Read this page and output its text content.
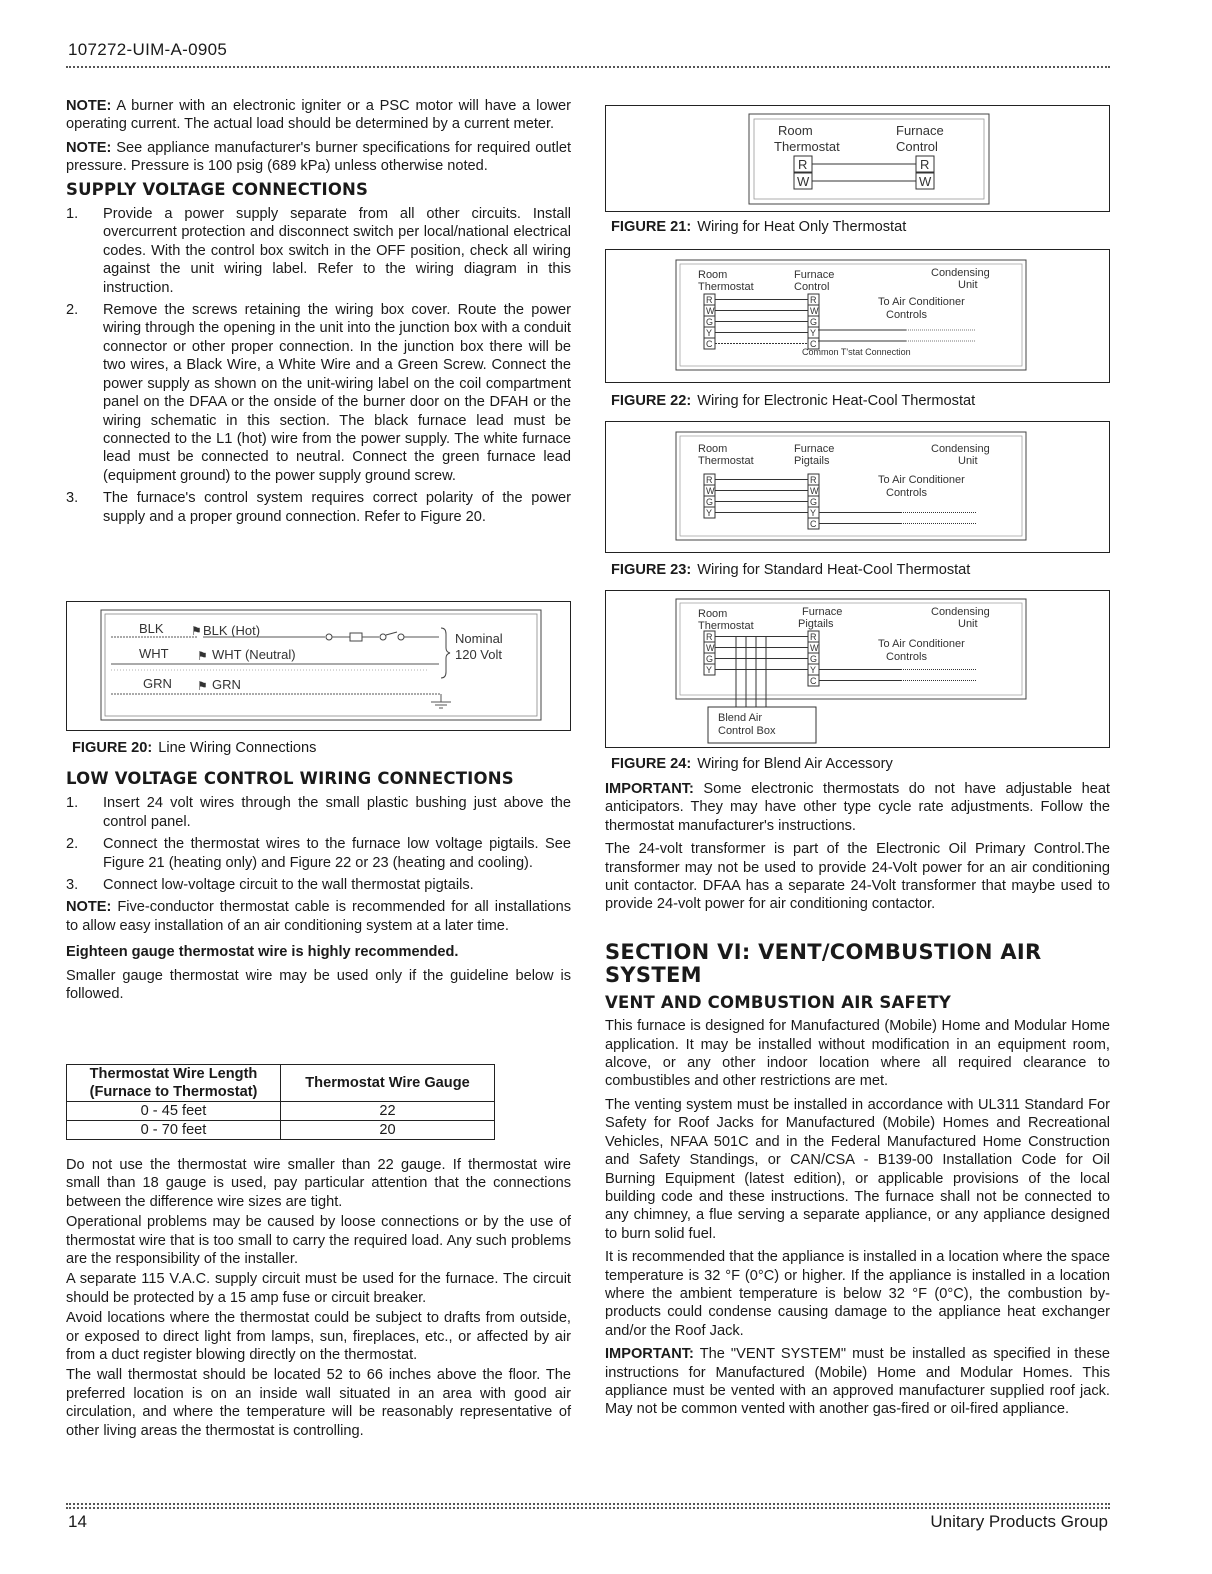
107272-UIM-A-0905

NOTE: A burner with an electronic igniter or a PSC motor will have a lower operating current. The actual load should be determined by a current meter.

NOTE: See appliance manufacturer's burner specifications for required outlet pressure. Pressure is 100 psig (689 kPa) unless otherwise noted.

SUPPLY VOLTAGE CONNECTIONS
1. Provide a power supply separate from all other circuits. Install overcurrent protection and disconnect switch per local/national electrical codes. With the control box switch in the OFF position, check all wiring against the unit wiring label. Refer to the wiring diagram in this instruction.
2. Remove the screws retaining the wiring box cover. Route the power wiring through the opening in the unit into the junction box with a conduit connector or other proper connection. In the junction box there will be two wires, a Black Wire, a White Wire and a Green Screw. Connect the power supply as shown on the unit-wiring label on the coil compartment panel on the DFAA or the onside of the burner door on the DFAH or the wiring schematic in this section. The black furnace lead must be connected to the L1 (hot) wire from the power supply. The white furnace lead must be connected to neutral. Connect the green furnace lead (equipment ground) to the power supply ground screw.
3. The furnace's control system requires correct polarity of the power supply and a proper ground connection. Refer to Figure 20.
BLK ⚑ BLK (Hot)
Nominal
120 Volt
WHT ⚑ WHT (Neutral)
GRN ⚑ GRN
FIGURE 20: Line Wiring Connections
LOW VOLTAGE CONTROL WIRING CONNECTIONS
1. Insert 24 volt wires through the small plastic bushing just above the control panel.
2. Connect the thermostat wires to the furnace low voltage pigtails. See Figure 21 (heating only) and Figure 22 or 23 (heating and cooling).
3. Connect low-voltage circuit to the wall thermostat pigtails.

NOTE: Five-conductor thermostat cable is recommended for all installations to allow easy installation of an air conditioning system at a later time.

Eighteen gauge thermostat wire is highly recommended.

Smaller gauge thermostat wire may be used only if the guideline below is followed.

Thermostat Wire Length
(Furnace to Thermostat)	Thermostat Wire Gauge
0 - 45 feet	22
0 - 70 feet	20

Do not use the thermostat wire smaller than 22 gauge. If thermostat wire small than 18 gauge is used, pay particular attention that the connections between the difference wire sizes are tight.

Operational problems may be caused by loose connections or by the use of thermostat wire that is too small to carry the required load. Any such problems are the responsibility of the installer.

A separate 115 V.A.C. supply circuit must be used for the furnace. The circuit should be protected by a 15 amp fuse or circuit breaker.

Avoid locations where the thermostat could be subject to drafts from outside, or exposed to direct light from lamps, sun, fireplaces, etc., or affected by air from a duct register blowing directly on the thermostat.

The wall thermostat should be located 52 to 66 inches above the floor. The preferred location is on an inside wall situated in an area with good air circulation, and where the temperature will be reasonably representative of other living areas the thermostat is controlling.

Room
Thermostat
Furnace
Control
R
W
R
W
FIGURE 21: Wiring for Heat Only Thermostat
Room
Thermostat
Furnace
Control
Condensing
Unit
To Air Conditioner
Controls
R	R
W	W
G	G
Y	Y
C	C
Common T'stat Connection
FIGURE 22: Wiring for Electronic Heat-Cool Thermostat
Room
Thermostat
Furnace
Pigtails
Condensing
Unit
To Air Conditioner
Controls
R
R
W
W
G
G
Y
Y
C
FIGURE 23: Wiring for Standard Heat-Cool Thermostat
Room
Thermostat
Furnace
Pigtails
Condensing
Unit
To Air Conditioner
Controls
R
R
W
W
G
G
Y
Y
C
Blend Air
Control Box
FIGURE 24: Wiring for Blend Air Accessory

IMPORTANT: Some electronic thermostats do not have adjustable heat anticipators. They may have other type cycle rate adjustments. Follow the thermostat manufacturer's instructions.

The 24-volt transformer is part of the Electronic Oil Primary Control.The transformer may not be used to provide 24-Volt power for an air conditioning unit contactor. DFAA has a separate 24-Volt transformer that maybe used to provide 24-volt power for air conditioning contactor.

SECTION VI: VENT/COMBUSTION AIR
SYSTEM
VENT AND COMBUSTION AIR SAFETY

This furnace is designed for Manufactured (Mobile) Home and Modular Home application. It may be installed without modification in an equipment room, alcove, or any other indoor location where all required clearance to combustibles and other restrictions are met.

The venting system must be installed in accordance with UL311 Standard For Safety for Roof Jacks for Manufactured (Mobile) Homes and Recreational Vehicles, NFAA 501C and in the Federal Manufactured Home Construction and Safety Standings, or CAN/CSA - B139-00 Installation Code for Oil Burning Equipment (latest edition), or applicable provisions of the local building code and these instructions. The furnace shall not be connected to any chimney, a flue serving a separate appliance, or any appliance designed to burn solid fuel.

It is recommended that the appliance is installed in a location where the space temperature is 32 °F (0°C) or higher. If the appliance is installed in a location where the ambient temperature is below 32 °F (0°C), the combustion by-products could condense causing damage to the appliance heat exchanger and/or the Roof Jack.

IMPORTANT: The "VENT SYSTEM" must be installed as specified in these instructions for Manufactured (Mobile) Home and Modular Homes. This appliance must be vented with an approved manufacturer supplied roof jack. May not be common vented with another gas-fired or oil-fired appliance.

14	Unitary Products Group
